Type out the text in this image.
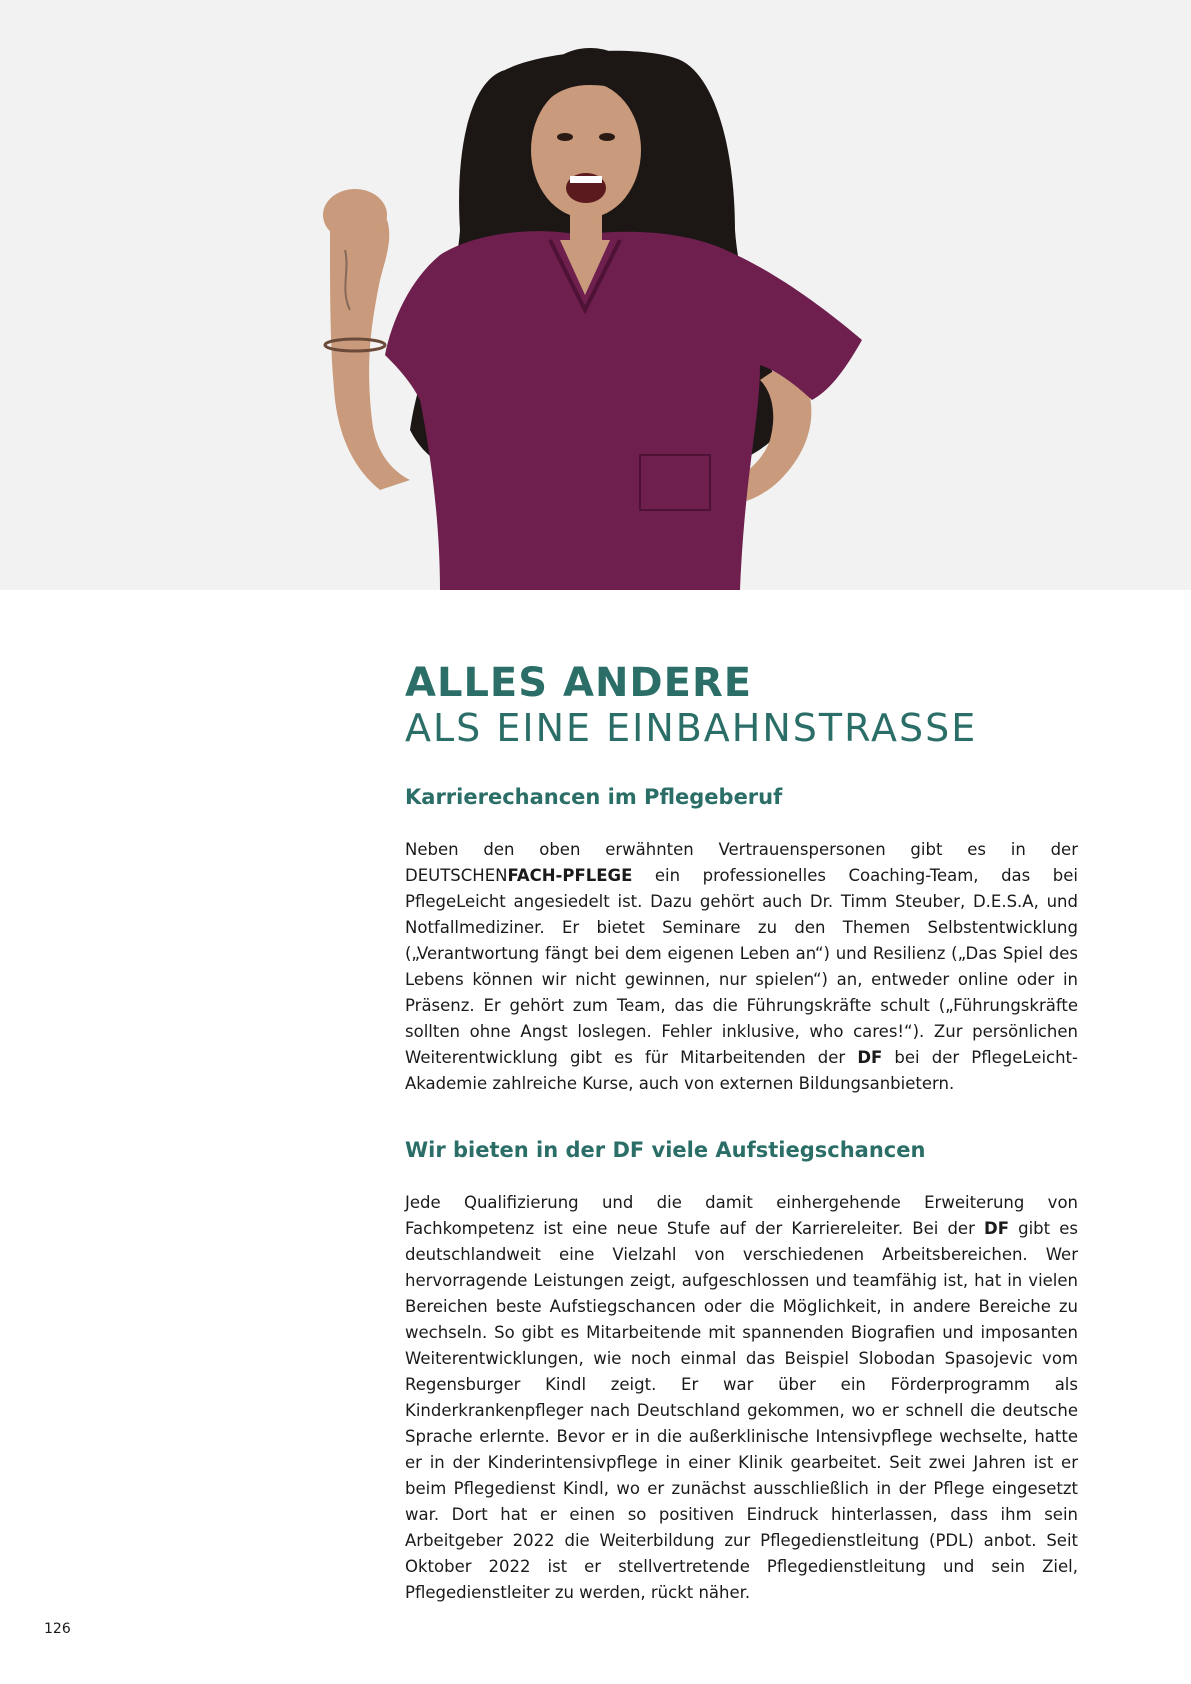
ALLES ANDERE
ALS EINE EINBAHNSTRASSE
Karrierechancen im Pflegeberuf

Neben den oben erwähnten Vertrauenspersonen gibt es in der DEUTSCHENFACH-PFLEGE ein professionelles Coaching-Team, das bei PflegeLeicht angesiedelt ist. Dazu gehört auch Dr. Timm Steuber, D.E.S.A, und Notfallmediziner. Er bietet Seminare zu den Themen Selbstentwicklung („Verantwortung fängt bei dem eigenen Leben an“) und Resilienz („Das Spiel des Lebens können wir nicht gewinnen, nur spielen“) an, entweder online oder in Präsenz. Er gehört zum Team, das die Führungskräfte schult („Führungskräfte sollten ohne Angst loslegen. Fehler inklusive, who cares!“). Zur persönlichen Weiterentwicklung gibt es für Mitarbeitenden der DF bei der PflegeLeicht-Akademie zahlreiche Kurse, auch von externen Bildungsanbietern.

Wir bieten in der DF viele Aufstiegschancen

Jede Qualifizierung und die damit einhergehende Erweiterung von Fachkompetenz ist eine neue Stufe auf der Karriereleiter. Bei der DF gibt es deutschlandweit eine Vielzahl von verschiedenen Arbeitsbereichen. Wer hervorragende Leistungen zeigt, aufgeschlossen und teamfähig ist, hat in vielen Bereichen beste Aufstiegschancen oder die Möglichkeit, in andere Bereiche zu wechseln. So gibt es Mitarbeitende mit spannenden Biografien und imposanten Weiterentwicklungen, wie noch einmal das Beispiel Slobodan Spasojevic vom Regensburger Kindl zeigt. Er war über ein Förderprogramm als Kinderkrankenpfleger nach Deutschland gekommen, wo er schnell die deutsche Sprache erlernte. Bevor er in die außerklinische Intensivpflege wechselte, hatte er in der Kinderintensivpflege in einer Klinik gearbeitet. Seit zwei Jahren ist er beim Pflegedienst Kindl, wo er zunächst ausschließlich in der Pflege eingesetzt war. Dort hat er einen so positiven Eindruck hinterlassen, dass ihm sein Arbeitgeber 2022 die Weiterbildung zur Pflegedienstleitung (PDL) anbot. Seit Oktober 2022 ist er stellvertretende Pflegedienstleitung und sein Ziel, Pflegedienstleiter zu werden, rückt näher.

126
